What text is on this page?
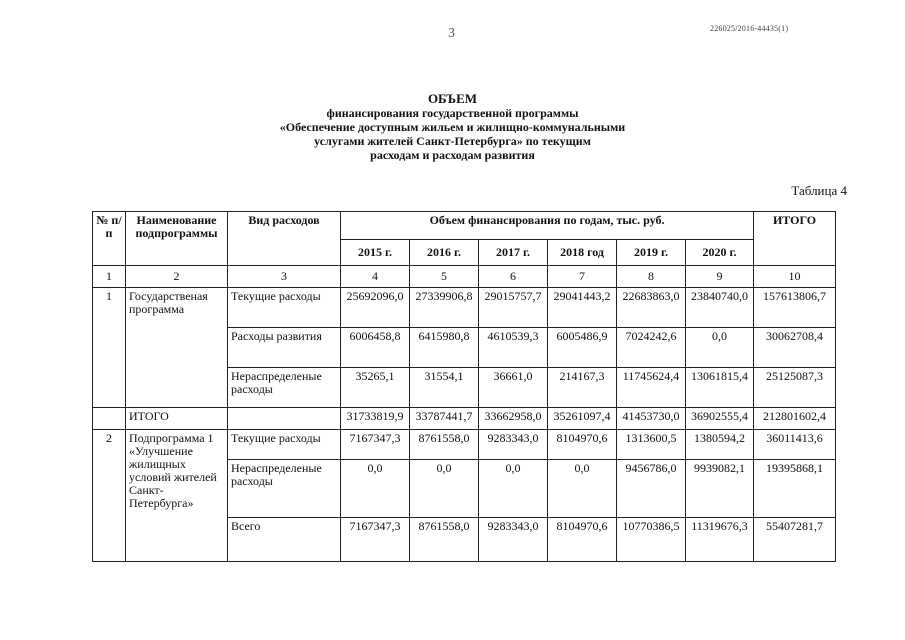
3	226025/2016-44435(1)
ОБЪЕМ
финансирования государственной программы
«Обеспечение доступным жильем и жилищно-коммунальными
услугами жителей Санкт-Петербурга» по текущим
расходам и расходам развития
Таблица 4
№ п/п	Наименование подпрограммы	Вид расходов	Объем финансирования по годам, тыс. руб.						ИТОГО
			2015 г.	2016 г.	2017 г.	2018 год	2019 г.	2020 г.	
1	2	3	4	5	6	7	8	9	10
1	Государственая программа	Текущие расходы	25692096,0	27339906,8	29015757,7	29041443,2	22683863,0	23840740,0	157613806,7
		Расходы развития	6006458,8	6415980,8	4610539,3	6005486,9	7024242,6	0,0	30062708,4
		Нераспределеные расходы	35265,1	31554,1	36661,0	214167,3	11745624,4	13061815,4	25125087,3
	ИТОГО		31733819,9	33787441,7	33662958,0	35261097,4	41453730,0	36902555,4	212801602,4
2	Подпрограмма 1 «Улучшение жилищных условий жителей Санкт-Петербурга»	Текущие расходы	7167347,3	8761558,0	9283343,0	8104970,6	1313600,5	1380594,2	36011413,6
		Нераспределеные расходы	0,0	0,0	0,0	0,0	9456786,0	9939082,1	19395868,1
		Всего	7167347,3	8761558,0	9283343,0	8104970,6	10770386,5	11319676,3	55407281,7
